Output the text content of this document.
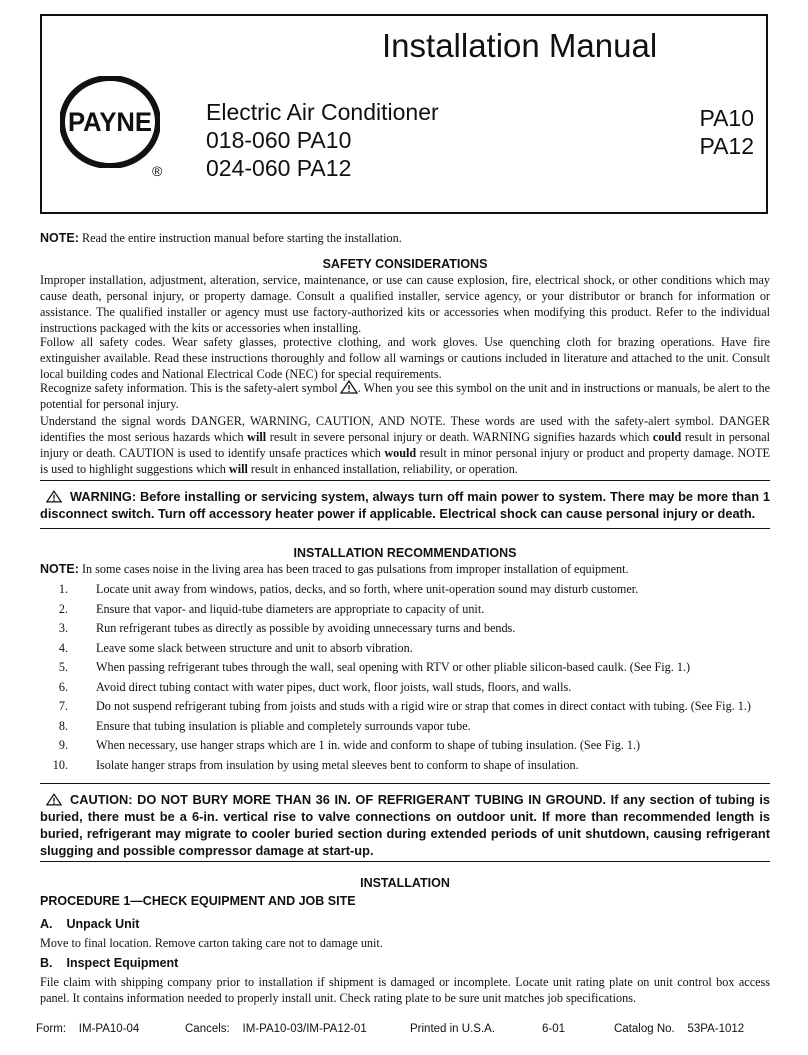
Installation Manual
PAYNE
®
Electric Air Conditioner
018-060 PA10
024-060 PA12
PA10
PA12
NOTE: Read the entire instruction manual before starting the installation.
SAFETY CONSIDERATIONS
Improper installation, adjustment, alteration, service, maintenance, or use can cause explosion, fire, electrical shock, or other conditions which may cause death, personal injury, or property damage. Consult a qualified installer, service agency, or your distributor or branch for information or assistance. The qualified installer or agency must use factory-authorized kits or accessories when modifying this product. Refer to the individual instructions packaged with the kits or accessories when installing.
Follow all safety codes. Wear safety glasses, protective clothing, and work gloves. Use quenching cloth for brazing operations. Have fire extinguisher available. Read these instructions thoroughly and follow all warnings or cautions included in literature and attached to the unit. Consult local building codes and National Electrical Code (NEC) for special requirements.
Recognize safety information. This is the safety-alert symbol . When you see this symbol on the unit and in instructions or manuals, be alert to the potential for personal injury.
Understand the signal words DANGER, WARNING, CAUTION, AND NOTE. These words are used with the safety-alert symbol. DANGER identifies the most serious hazards which will result in severe personal injury or death. WARNING signifies hazards which could result in personal injury or death. CAUTION is used to identify unsafe practices which would result in minor personal injury or product and property damage. NOTE is used to highlight suggestions which will result in enhanced installation, reliability, or operation.
WARNING: Before installing or servicing system, always turn off main power to system. There may be more than 1 disconnect switch. Turn off accessory heater power if applicable. Electrical shock can cause personal injury or death.
INSTALLATION RECOMMENDATIONS
NOTE: In some cases noise in the living area has been traced to gas pulsations from improper installation of equipment.
1. Locate unit away from windows, patios, decks, and so forth, where unit-operation sound may disturb customer.
2. Ensure that vapor- and liquid-tube diameters are appropriate to capacity of unit.
3. Run refrigerant tubes as directly as possible by avoiding unnecessary turns and bends.
4. Leave some slack between structure and unit to absorb vibration.
5. When passing refrigerant tubes through the wall, seal opening with RTV or other pliable silicon-based caulk. (See Fig. 1.)
6. Avoid direct tubing contact with water pipes, duct work, floor joists, wall studs, floors, and walls.
7. Do not suspend refrigerant tubing from joists and studs with a rigid wire or strap that comes in direct contact with tubing. (See Fig. 1.)
8. Ensure that tubing insulation is pliable and completely surrounds vapor tube.
9. When necessary, use hanger straps which are 1 in. wide and conform to shape of tubing insulation. (See Fig. 1.)
10. Isolate hanger straps from insulation by using metal sleeves bent to conform to shape of insulation.
CAUTION: DO NOT BURY MORE THAN 36 IN. OF REFRIGERANT TUBING IN GROUND. If any section of tubing is buried, there must be a 6-in. vertical rise to valve connections on outdoor unit. If more than recommended length is buried, refrigerant may migrate to cooler buried section during extended periods of unit shutdown, causing refrigerant slugging and possible compressor damage at start-up.
INSTALLATION
PROCEDURE 1—CHECK EQUIPMENT AND JOB SITE
A. Unpack Unit
Move to final location. Remove carton taking care not to damage unit.
B. Inspect Equipment
File claim with shipping company prior to installation if shipment is damaged or incomplete. Locate unit rating plate on unit control box access panel. It contains information needed to properly install unit. Check rating plate to be sure unit matches job specifications.
Form:    IM-PA10-04	Cancels:    IM-PA10-03/IM-PA12-01	Printed in U.S.A.	6-01	Catalog No.    53PA-1012
